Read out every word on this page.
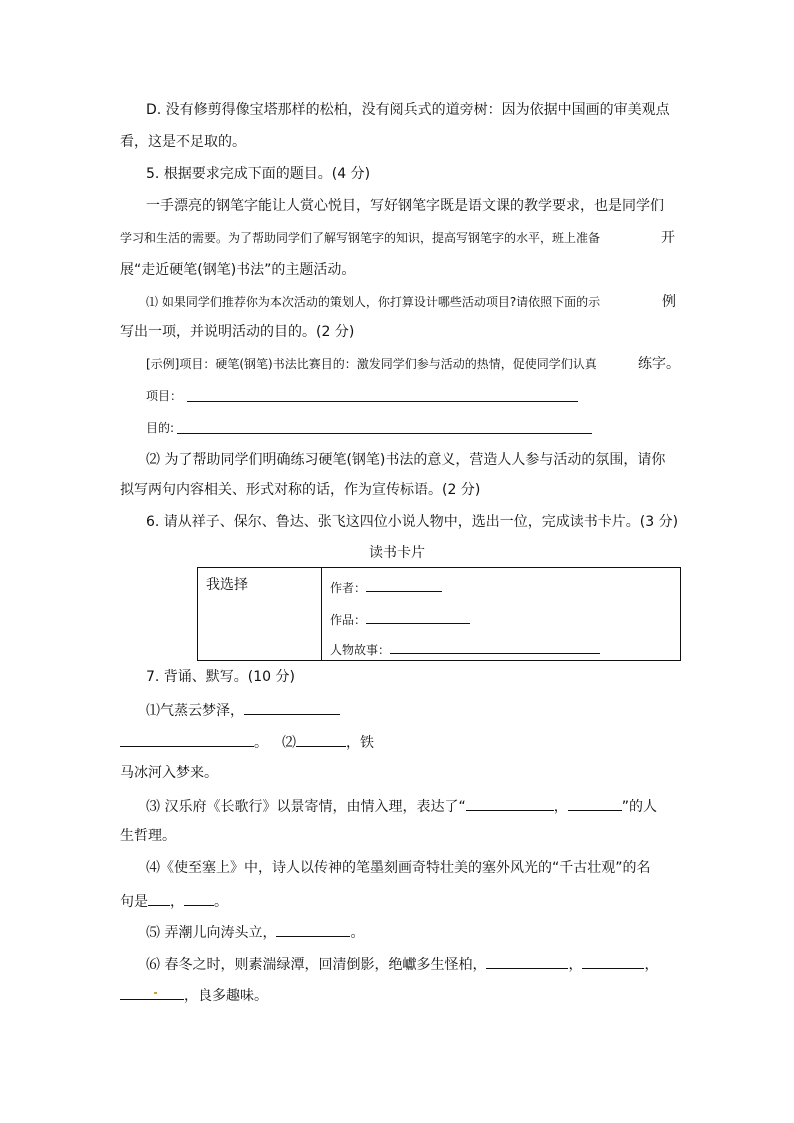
D. 没有修剪得像宝塔那样的松柏，没有阅兵式的道旁树：因为依据中国画的审美观点
看，这是不足取的。
5. 根据要求完成下面的题目。(4 分)
一手漂亮的钢笔字能让人赏心悦目，写好钢笔字既是语文课的教学要求，也是同学们
学习和生活的需要。为了帮助同学们了解写钢笔字的知识，提高写钢笔字的水平，班上准备	开
展“走近硬笔(钢笔)书法”的主题活动。
⑴ 如果同学们推荐你为本次活动的策划人，你打算设计哪些活动项目?请依照下面的示	例
写出一项，并说明活动的目的。(2 分)
[示例]项目：硬笔(钢笔)书法比赛目的：激发同学们参与活动的热情，促使同学们认真	练字。
项目：
目的:
⑵ 为了帮助同学们明确练习硬笔(钢笔)书法的意义，营造人人参与活动的氛围，请你
拟写两句内容相关、形式对称的话，作为宣传标语。(2 分)
6. 请从祥子、保尔、鲁达、张飞这四位小说人物中，选出一位，完成读书卡片。(3 分)
读书卡片
我选择	作者：
作品：
人物故事：
7. 背诵、默写。(10 分)
⑴气蒸云梦泽，
。 ⑵	，铁
马冰河入梦来。
⑶ 汉乐府《长歌行》以景寄情，由情入理，表达了“	，	”的人
生哲理。
⑷《使至塞上》中，诗人以传神的笔墨刻画奇特壮美的塞外风光的“千古壮观”的名
句是 ， 。
⑸ 弄潮儿向涛头立，	。
⑹ 春冬之时，则素湍绿潭，回清倒影，绝巘多生怪柏，	，	，
，良多趣味。
